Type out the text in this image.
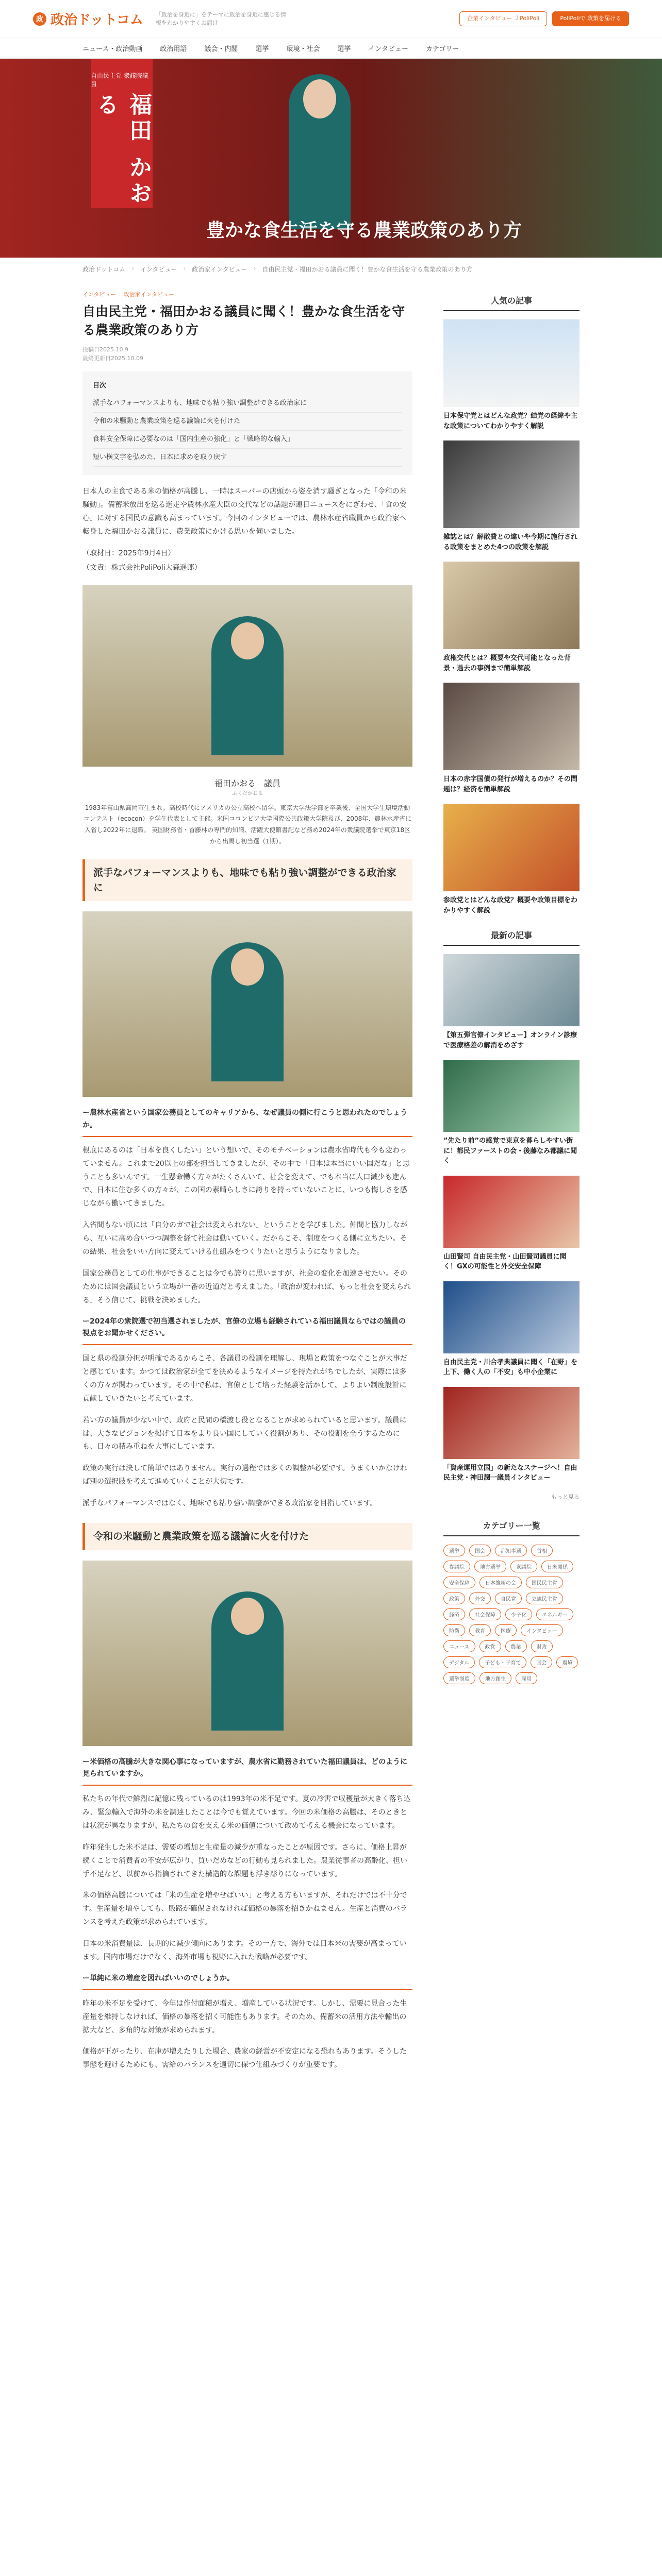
政 政治ドットコム 「政治を身近に」をテーマに政治を身近に感じる情報をわかりやすくお届け
企業インタビュー ２PoliPoli	PoliPoliで 政策を届ける
ニュース・政治動画	政治用語	議会・内閣	選挙	環境・社会	選挙	インタビュー	カテゴリー
自由民主党 衆議院議員
福田 かおる
豊かな食生活を守る農業政策のあり方
政治ドットコム › インタビュー › 政治家インタビュー › 自由民主党・福田かおる議員に聞く！豊かな食生活を守る農業政策のあり方
インタビュー 政治家インタビュー
自由民主党・福田かおる議員に聞く！豊かな食生活を守る農業政策のあり方
投稿日2025.10.9
最終更新日2025.10.09
目次
派手なパフォーマンスよりも、地味でも粘り強い調整ができる政治家に
令和の米騒動と農業政策を巡る議論に火を付けた
食料安全保障に必要なのは「国内生産の強化」と「戦略的な輸入」
短い横文字を弘めた、日本に求めを取り戻す

日本人の主食である米の価格が高騰し、一時はスーパーの店頭から姿を消す騒ぎとなった「令和の米騒動」。備蓄米放出を巡る迷走や農林水産大臣の交代などの話題が連日ニュースをにぎわせ、「食の安心」に対する国民の意識も高まっています。今回のインタビューでは、農林水産省職員から政治家へ転身した福田かおる議員に、農業政策にかける思いを伺いました。

（取材日：2025年9月4日）

（文責：株式会社PoliPoli大森遥郎）

福田かおる　議員
ふくだかおる

1983年富山県高岡市生まれ。高校時代にアメリカの公立高校へ留学。東京大学法学部を卒業後、全国大学生環境活動コンテスト（ecocon）を学生代表として主催。米国コロンビア大学国際公共政策大学院及び、2008年、農林水産省に入省し2022年に退職。 英国財務省・首藤林の専門的知識、活躍大使館書記など務め2024年の衆議院選挙で東京18区から出馬し初当選（1期）。

派手なパフォーマンスよりも、地味でも粘り強い調整ができる政治家に
ー農林水産省という国家公務員としてのキャリアから、なぜ議員の側に行こうと思われたのでしょうか。

根底にあるのは「日本を良くしたい」という想いで、そのモチベーションは農水省時代も今も変わっていません。これまで20以上の部を担当してきましたが、その中で「日本は本当にいい国だな」と思うことも多いんです。一生懸命働く方々がたくさんいて、社会を変えて、でも本当に人口減少も進んで、日本に住む多くの方々が、この国の素晴らしさに誇りを持っていないことに、いつも悔しさを感じながら働いてきました。

入省間もない頃には「自分のガで社会は変えられない」ということを学びました。仲間と協力しながら、互いに高め合いつつ調整を経て社会は動いていく。だからこそ、制度をつくる側に立ちたい。その結果、社会をいい方向に変えていける仕組みをつくりたいと思うようになりました。

国家公務員としての仕事ができることは今でも誇りに思いますが、社会の変化を加速させたい。そのためには国会議員という立場が一番の近道だと考えました。「政治が変われば、もっと社会を変えられる」そう信じて、挑戦を決めました。

ー2024年の衆院選で初当選されましたが、官僚の立場も経験されている福田議員ならではの議員の視点をお聞かせください。

国と県の役割分担が明確であるからこそ、各議員の役割を理解し、現場と政策をつなぐことが大事だと感じています。かつては政治家が全てを決めるようなイメージを持たれがちでしたが、実際には多くの方々が関わっています。その中で私は、官僚として培った経験を活かして、よりよい制度設計に貢献していきたいと考えています。

若い方の議員が少ない中で、政府と民間の橋渡し役となることが求められていると思います。議員には、大きなビジョンを掲げて日本をより良い国にしていく役割があり、その役割を全うするためにも、日々の積み重ねを大事にしています。

政策の実行は決して簡単ではありません。実行の過程では多くの調整が必要です。うまくいかなければ別の選択肢を考えて進めていくことが大切です。

派手なパフォーマンスではなく、地味でも粘り強い調整ができる政治家を目指しています。

令和の米騒動と農業政策を巡る議論に火を付けた
ー米価格の高騰が大きな関心事になっていますが、農水省に勤務されていた福田議員は、どのように見られていますか。

私たちの年代で鮮烈に記憶に残っているのは1993年の米不足です。夏の冷害で収穫量が大きく落ち込み、緊急輸入で海外の米を調達したことは今でも覚えています。今回の米価格の高騰は、そのときとは状況が異なりますが、私たちの食を支える米の価値について改めて考える機会になっています。

昨年発生した米不足は、需要の増加と生産量の減少が重なったことが原因です。さらに、価格上昇が続くことで消費者の不安が広がり、買いだめなどの行動も見られました。農業従事者の高齢化、担い手不足など、以前から指摘されてきた構造的な課題も浮き彫りになっています。

米の価格高騰については「米の生産を増やせばいい」と考える方もいますが、それだけでは不十分です。生産量を増やしても、販路が確保されなければ価格の暴落を招きかねません。生産と消費のバランスを考えた政策が求められています。

日本の米消費量は、長期的に減少傾向にあります。その一方で、海外では日本米の需要が高まっています。国内市場だけでなく、海外市場も視野に入れた戦略が必要です。

ー単純に米の増産を図ればいいのでしょうか。

昨年の米不足を受けて、今年は作付面積が増え、増産している状況です。しかし、需要に見合った生産量を維持しなければ、価格の暴落を招く可能性もあります。そのため、備蓄米の活用方法や輸出の拡大など、多角的な対策が求められます。

価格が下がったり、在庫が増えたりした場合、農家の経営が不安定になる恐れもあります。そうした事態を避けるためにも、需給のバランスを適切に保つ仕組みづくりが重要です。

人気の記事
日本保守党とはどんな政党？結党の経緯や主な政策についてわかりやすく解説
雑誌とは？解散費との違いや今期に施行される政策をまとめた4つの政策を解説
政権交代とは？概要や交代可能となった背景・過去の事例まで簡単解説
日本の赤字国債の発行が増えるのか？その問題は？経済を簡単解説
参政党とはどんな政党？概要や政策目標をわかりやすく解説
最新の記事
【第五弾官僚インタビュー】オンライン診療で医療格差の解消をめざす
”先たり前”の感覚で東京を暮らしやすい街に！都民ファーストの会・後藤なみ都議に聞く
山田賢司 自由民主党・山田賢司議員に聞く！GXの可能性と外交安全保障
自由民主党・川合孝典議員に聞く「在野」を上下、働く人の「不安」も中小企業に
「資産運用立国」の新たなステージへ！自由民主党・神田潤一議員インタビュー
もっと見る
カテゴリー一覧
選挙	国会	都知事選	首相
参議院	地方選挙	衆議院	日米関係
安全保障	日本維新の会	国民民主党
政策	外交	自民党	立憲民主党
経済	社会保障	少子化	エネルギー
防衛	教育	医療	インタビュー
ニュース	政党	農業	財政
デジタル	子ども・子育て	国会	環境
選挙制度	地方創生	雇用
